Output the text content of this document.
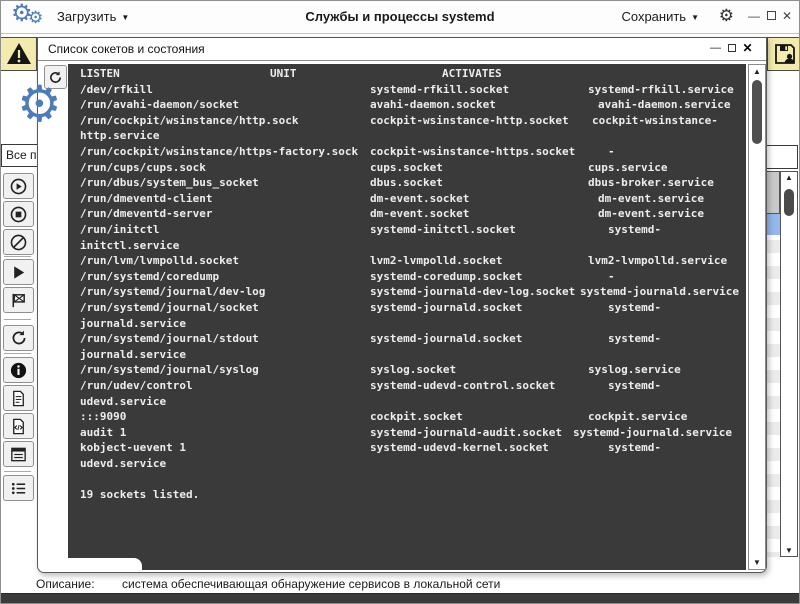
⚙
⚙ Загрузить ▼	Службы и процессы systemd	Сохранить ▼ ⚙ — ✕
Все п
▲
▼
Описание: система обеспечивающая обнаружение сервисов в локальной сети
Список сокетов и состояния	— ✕
LISTEN	UNIT	ACTIVATES
/dev/rfkill	systemd-rfkill.socket	systemd-rfkill.service
/run/avahi-daemon/socket	avahi-daemon.socket	avahi-daemon.service
/run/cockpit/wsinstance/http.sock	cockpit-wsinstance-http.socket cockpit-wsinstance-
http.service
/run/cockpit/wsinstance/https-factory.sock cockpit-wsinstance-https.socket	-
/run/cups/cups.sock	cups.socket	cups.service
/run/dbus/system_bus_socket	dbus.socket	dbus-broker.service
/run/dmeventd-client	dm-event.socket	dm-event.service
/run/dmeventd-server	dm-event.socket	dm-event.service
/run/initctl	systemd-initctl.socket	systemd-
initctl.service
/run/lvm/lvmpolld.socket	lvm2-lvmpolld.socket	lvm2-lvmpolld.service
/run/systemd/coredump	systemd-coredump.socket	-
/run/systemd/journal/dev-log	systemd-journald-dev-log.socket systemd-journald.service
/run/systemd/journal/socket	systemd-journald.socket	systemd-
journald.service
/run/systemd/journal/stdout	systemd-journald.socket	systemd-
journald.service
/run/systemd/journal/syslog	syslog.socket	syslog.service
/run/udev/control	systemd-udevd-control.socket	systemd-
udevd.service
:::9090	cockpit.socket	cockpit.service
audit 1	systemd-journald-audit.socket systemd-journald.service
kobject-uevent 1	systemd-udevd-kernel.socket	systemd-
udevd.service
19 sockets listed.
▲
▼
⚙
